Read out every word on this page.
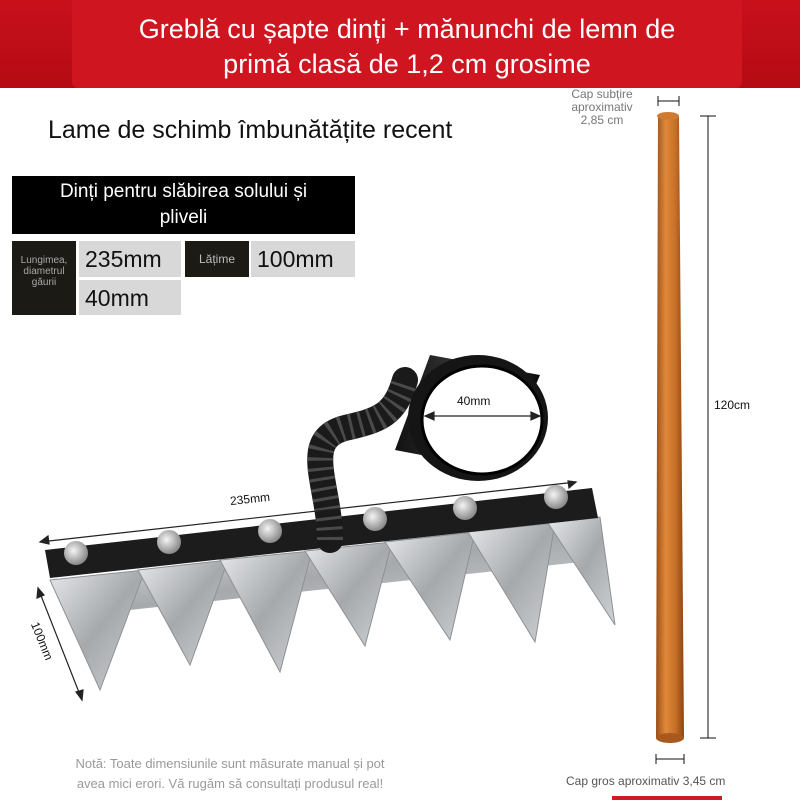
Greblă cu șapte dinți + mănunchi de lemn de
primă clasă de 1,2 cm grosime
Lame de schimb îmbunătățite recent
Dinți pentru slăbirea solului și
pliveli
Lungimea, diametrul găurii
235mm	Lățime 100mm
40mm
40mm
235mm
100mm
Cap subțire
aproximativ
2,85 cm
120cm
Cap gros aproximativ 3,45 cm
Notă: Toate dimensiunile sunt măsurate manual și pot
avea mici erori. Vă rugăm să consultați produsul real!
